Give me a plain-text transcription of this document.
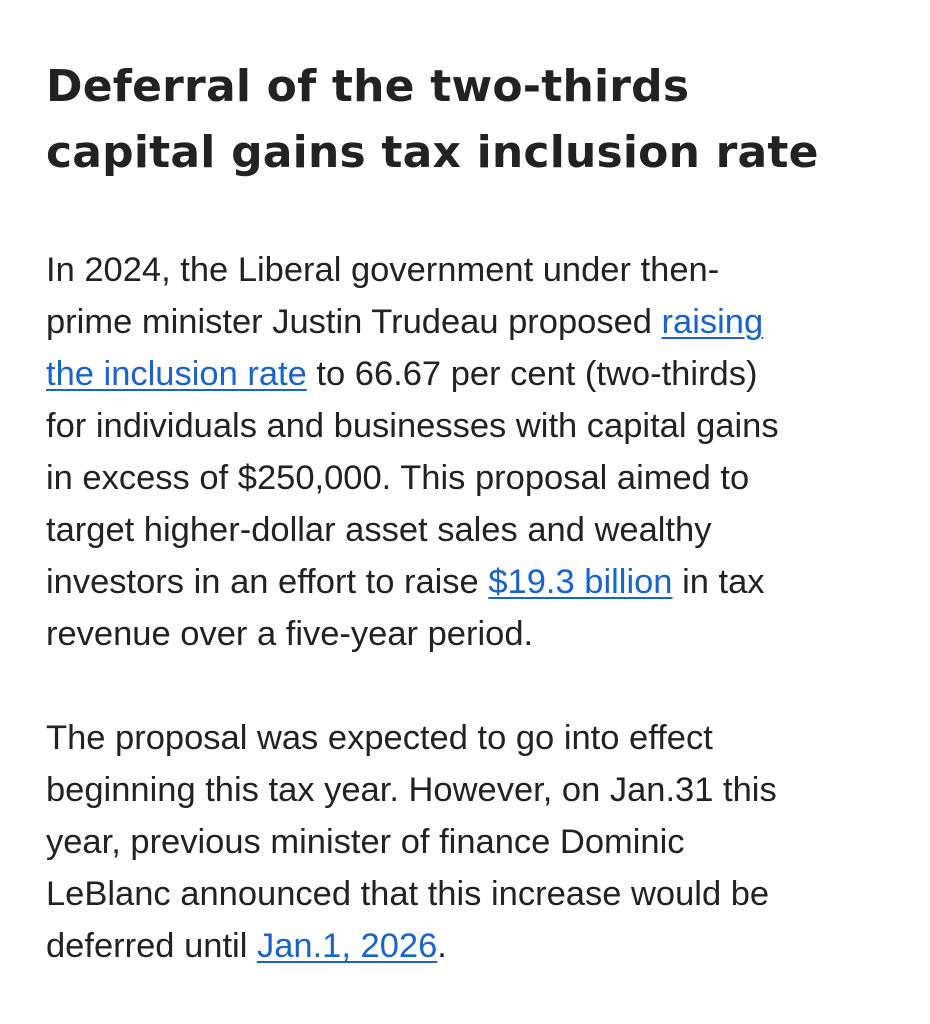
Deferral of the two-thirds
capital gains tax inclusion rate

In 2024, the Liberal government under then-
prime minister Justin Trudeau proposed raising
the inclusion rate to 66.67 per cent (two-thirds)
for individuals and businesses with capital gains
in excess of $250,000. This proposal aimed to
target higher-dollar asset sales and wealthy
investors in an effort to raise $19.3 billion in tax
revenue over a five-year period.

The proposal was expected to go into effect
beginning this tax year. However, on Jan.31 this
year, previous minister of finance Dominic
LeBlanc announced that this increase would be
deferred until Jan.1, 2026.
